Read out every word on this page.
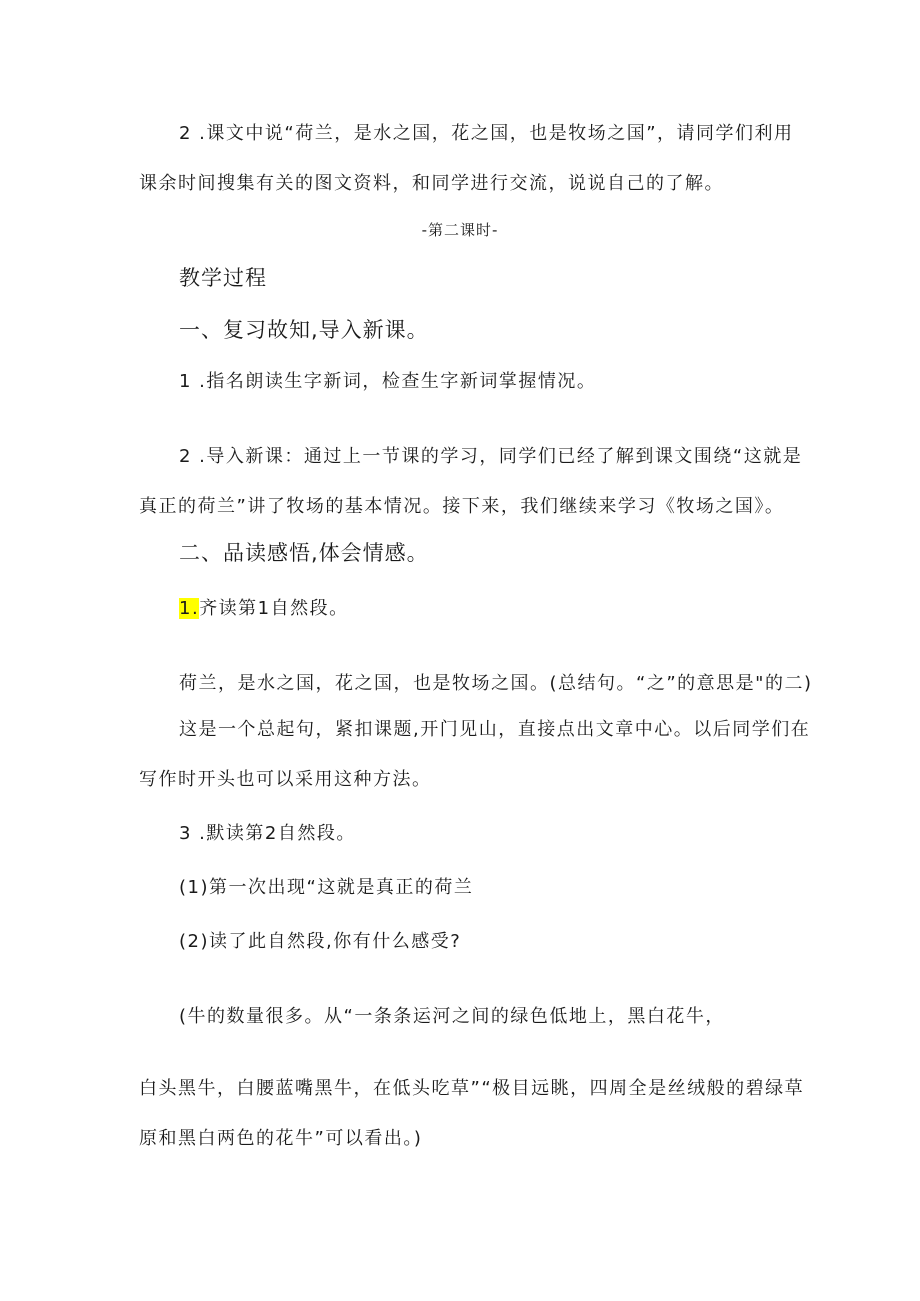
2 .课文中说“荷兰，是水之国，花之国，也是牧场之国”，请同学们利用

课余时间搜集有关的图文资料，和同学进行交流，说说自己的了解。

-第二课时-

教学过程

一、复习故知,导入新课。

1 .指名朗读生字新词，检查生字新词掌握情况。

2 .导入新课：通过上一节课的学习，同学们已经了解到课文围绕“这就是

真正的荷兰”讲了牧场的基本情况。接下来，我们继续来学习《牧场之国》。

二、品读感悟,体会情感。

1.齐读第1自然段。

荷兰，是水之国，花之国，也是牧场之国。(总结句。“之”的意思是"的二)

这是一个总起句，紧扣课题,开门见山，直接点出文章中心。以后同学们在

写作时开头也可以采用这种方法。

3 .默读第2自然段。

(1)第一次出现“这就是真正的荷兰

(2)读了此自然段,你有什么感受?

(牛的数量很多。从“一条条运河之间的绿色低地上，黑白花牛，

白头黑牛，白腰蓝嘴黑牛，在低头吃草”“极目远眺，四周全是丝绒般的碧绿草

原和黑白两色的花牛”可以看出。)
